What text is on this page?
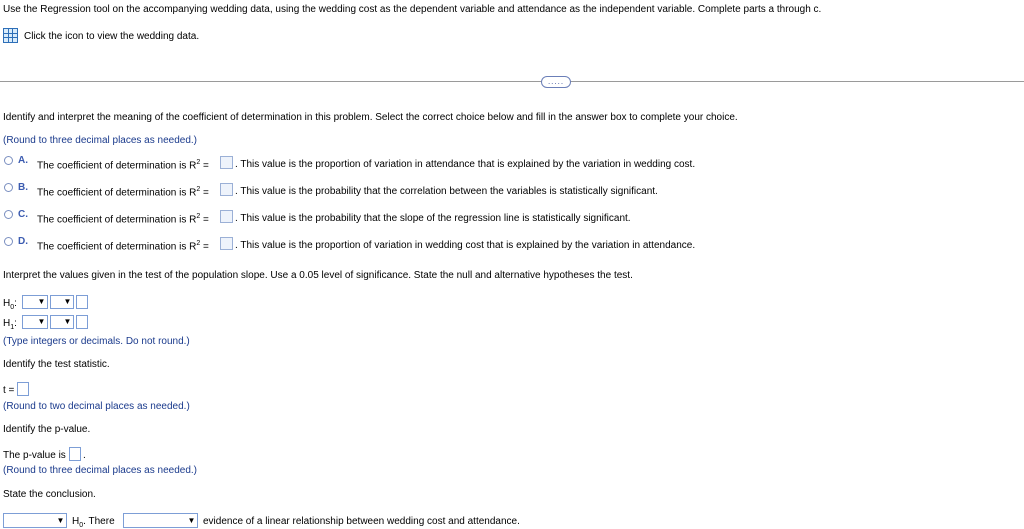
Use the Regression tool on the accompanying wedding data, using the wedding cost as the dependent variable and attendance as the independent variable. Complete parts a through c.
Click the icon to view the wedding data.
.....
Identify and interpret the meaning of the coefficient of determination in this problem. Select the correct choice below and fill in the answer box to complete your choice.
(Round to three decimal places as needed.)
A. The coefficient of determination is $R^2$ =	. This value is the proportion of variation in attendance that is explained by the variation in wedding cost.
B. The coefficient of determination is $R^2$ =	. This value is the probability that the correlation between the variables is statistically significant.
C. The coefficient of determination is $R^2$ =	. This value is the probability that the slope of the regression line is statistically significant.
D. The coefficient of determination is $R^2$ =	. This value is the proportion of variation in wedding cost that is explained by the variation in attendance.
Interpret the values given in the test of the population slope. Use a 0.05 level of significance. State the null and alternative hypotheses the test.
$H_0$:	▼ ▼
$H_1$:	▼ ▼
(Type integers or decimals. Do not round.)
Identify the test statistic.
t =
(Round to two decimal places as needed.)
Identify the p-value.
The p-value is .
(Round to three decimal places as needed.)
State the conclusion.
▼ $H_0$. There	▼ evidence of a linear relationship between wedding cost and attendance.
